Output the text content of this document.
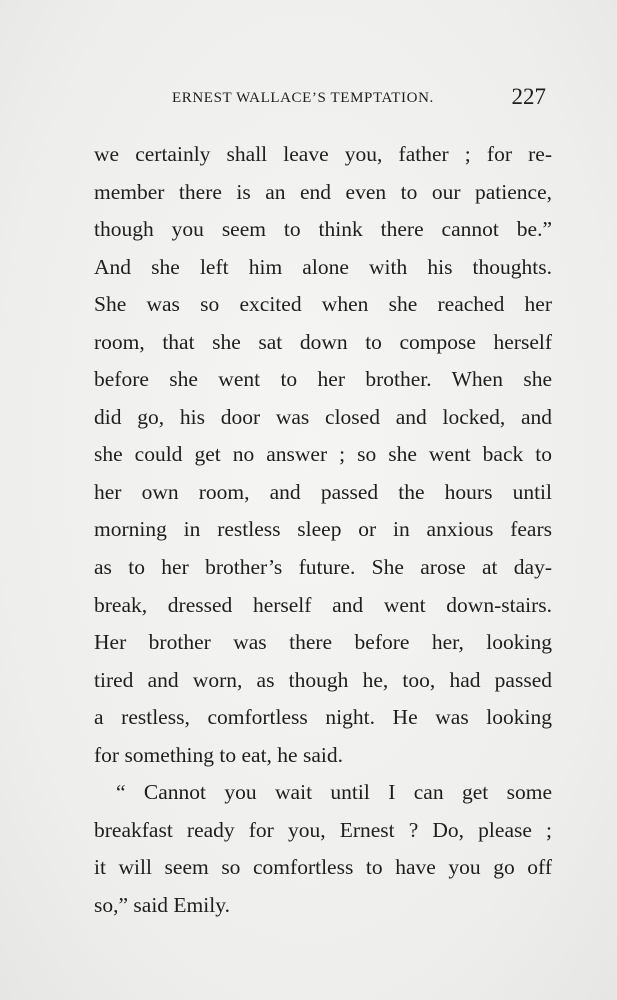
ERNEST WALLACE’S TEMPTATION.	227
we certainly shall leave you, father ; for re-
member there is an end even to our patience,
though you seem to think there cannot be.”
And she left him alone with his thoughts.
She was so excited when she reached her
room, that she sat down to compose herself
before she went to her brother. When she
did go, his door was closed and locked, and
she could get no answer ; so she went back to
her own room, and passed the hours until
morning in restless sleep or in anxious fears
as to her brother’s future. She arose at day-
break, dressed herself and went down-stairs.
Her brother was there before her, looking
tired and worn, as though he, too, had passed
a restless, comfortless night. He was looking
for something to eat, he said.
“ Cannot you wait until I can get some
breakfast ready for you, Ernest ? Do, please ;
it will seem so comfortless to have you go off
so,” said Emily.
